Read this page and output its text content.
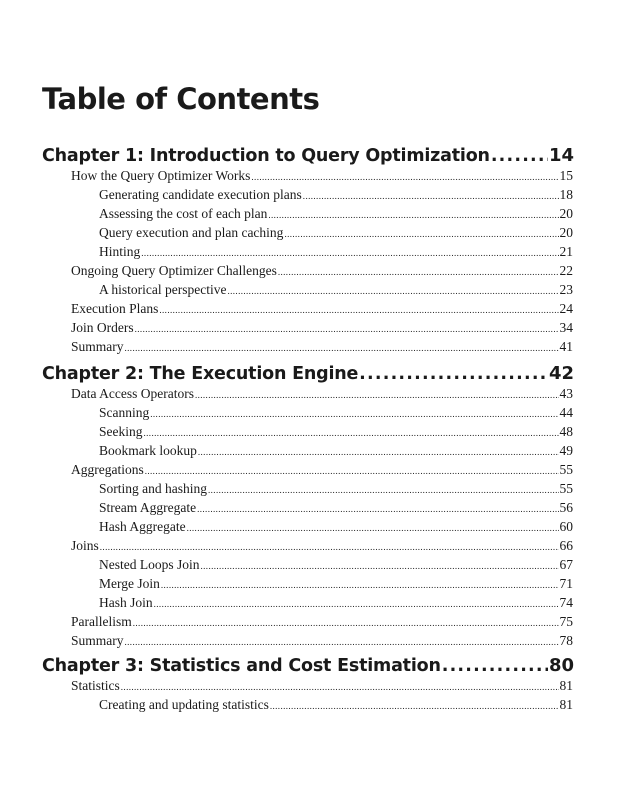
Table of Contents
Chapter 1: Introduction to Query Optimization .....	14
How the Query Optimizer Works .....	15
Generating candidate execution plans .....	18
Assessing the cost of each plan .....	20
Query execution and plan caching .....	20
Hinting .....	21
Ongoing Query Optimizer Challenges .....	22
A historical perspective .....	23
Execution Plans .....	24
Join Orders .....	34
Summary .....	41
Chapter 2: The Execution Engine .....	42
Data Access Operators .....	43
Scanning .....	44
Seeking .....	48
Bookmark lookup .....	49
Aggregations .....	55
Sorting and hashing .....	55
Stream Aggregate .....	56
Hash Aggregate .....	60
Joins .....	66
Nested Loops Join .....	67
Merge Join .....	71
Hash Join .....	74
Parallelism .....	75
Summary .....	78
Chapter 3: Statistics and Cost Estimation .....	80
Statistics .....	81
Creating and updating statistics .....	81
